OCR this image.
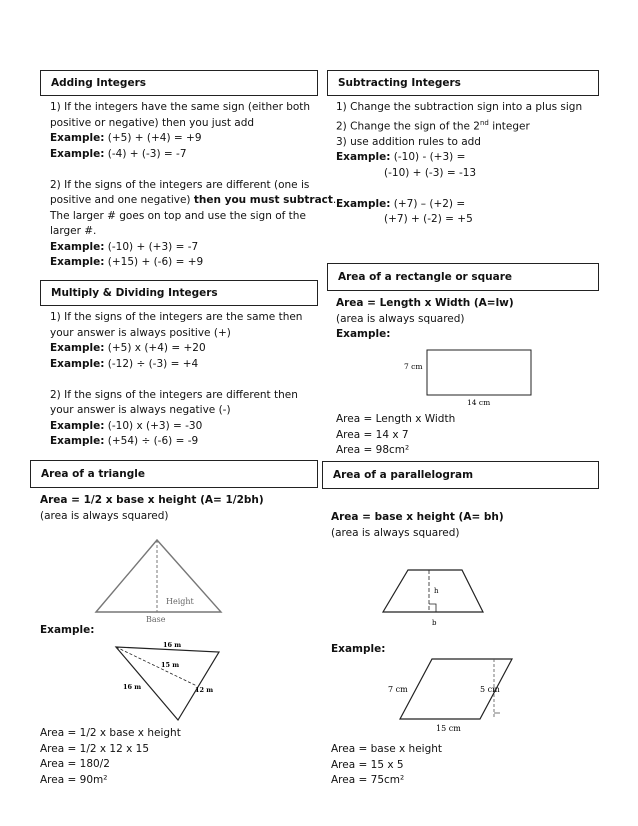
Adding Integers
1) If the integers have the same sign (either both
positive or negative) then you just add
Example: (+5) + (+4) = +9
Example: (-4) + (-3) = -7

2) If the signs of the integers are different (one is
positive and one negative) then you must subtract.
The larger # goes on top and use the sign of the
larger #.
Example: (-10) + (+3) = -7
Example: (+15) + (-6) = +9
Subtracting Integers
1) Change the subtraction sign into a plus sign
2) Change the sign of the 2nd integer
3) use addition rules to add
Example: (-10) - (+3) =
(-10) + (-3) = -13

Example: (+7) – (+2) =
(+7) + (-2) = +5
Multiply & Dividing Integers
1) If the signs of the integers are the same then
your answer is always positive (+)
Example: (+5) x (+4) = +20
Example: (-12) ÷ (-3) = +4

2) If the signs of the integers are different then
your answer is always negative (-)
Example: (-10) x (+3) = -30
Example: (+54) ÷ (-6) = -9
Area of a rectangle or square
Area = Length x Width (A=lw)
(area is always squared)
Example:
7 cm
14 cm
Area = Length x Width
Area = 14 x 7
Area = 98cm²
Area of a triangle
Area = 1/2 x base x height (A= 1/2bh)
(area is always squared)
Height
Base
16 m
15 m
16 m	12 m
Example:
Area = 1/2 x base x height
Area = 1/2 x 12 x 15
Area = 180/2
Area = 90m²
Area of a parallelogram
Area = base x height (A= bh)
(area is always squared)
h
b
7 cm	5 cm
15 cm
Example:
Area = base x height
Area = 15 x 5
Area = 75cm²
